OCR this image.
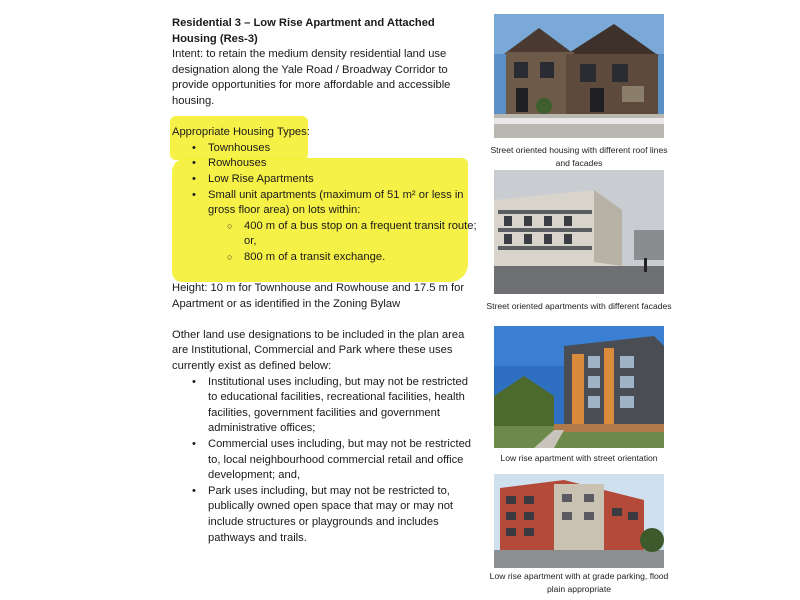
Residential 3 – Low Rise Apartment and Attached Housing (Res-3)
Intent: to retain the medium density residential land use designation along the Yale Road / Broadway Corridor to provide opportunities for more affordable and accessible housing.
Appropriate Housing Types:
• Townhouses
• Rowhouses
• Low Rise Apartments
• Small unit apartments (maximum of 51 m² or less in gross floor area) on lots within:
○ 400 m of a bus stop on a frequent transit route; or,
○ 800 m of a transit exchange.
Height: 10 m for Townhouse and Rowhouse and 17.5 m for Apartment or as identified in the Zoning Bylaw
Other land use designations to be included in the plan area are Institutional, Commercial and Park where these uses currently exist as defined below:
• Institutional uses including, but may not be restricted to educational facilities, recreational facilities, health facilities, government facilities and government administrative offices;
• Commercial uses including, but may not be restricted to, local neighbourhood commercial retail and office development; and,
• Park uses including, but may not be restricted to, publically owned open space that may or may not include structures or playgrounds and includes pathways and trails.
Street oriented housing with different roof lines and facades
Street oriented apartments with different facades
Low rise apartment with street orientation
Low rise apartment with at grade parking, flood plain appropriate
